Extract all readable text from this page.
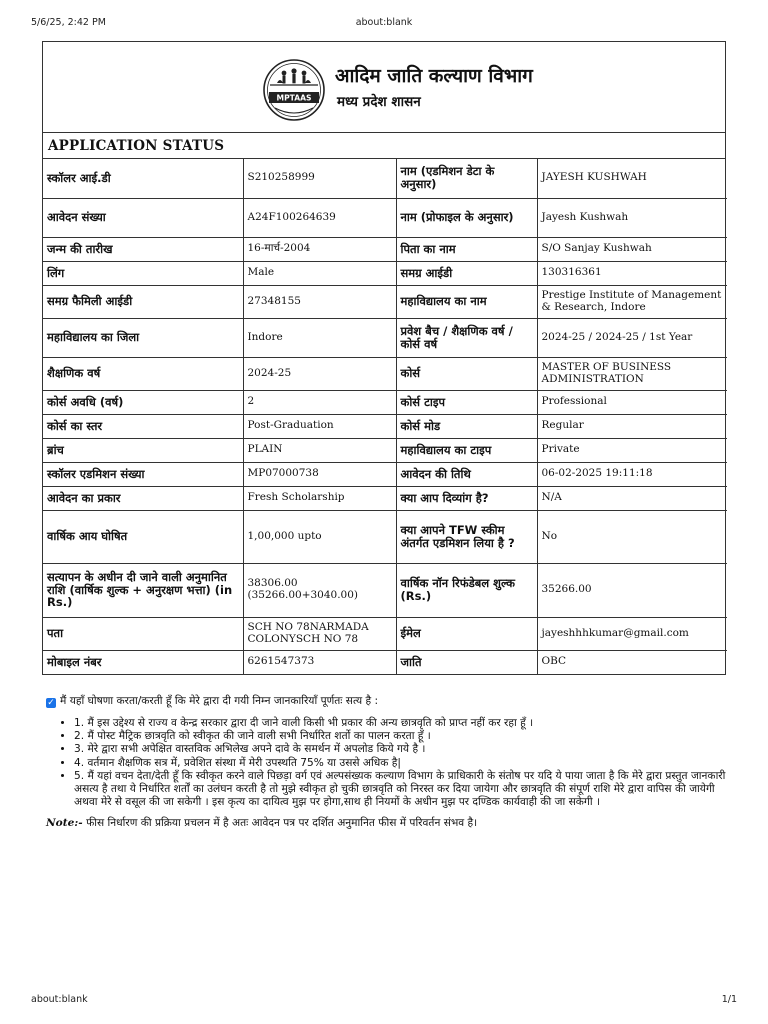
5/6/25, 2:42 PM	about:blank
MPTAAS
आदिम जाति कल्याण विभाग
मध्य प्रदेश शासन
APPLICATION STATUS
स्कॉलर आई.डी	S210258999	नाम (एडमिशन डेटा के अनुसार)	JAYESH KUSHWAH
आवेदन संख्या	A24F100264639	नाम (प्रोफाइल के अनुसार)	Jayesh Kushwah
जन्म की तारीख	16-मार्च-2004	पिता का नाम	S/O Sanjay Kushwah
लिंग	Male	समग्र आईडी	130316361
समग्र फैमिली आईडी	27348155	महाविद्यालय का नाम	Prestige Institute of Management & Research, Indore
महाविद्यालय का जिला	Indore	प्रवेश बैच / शैक्षणिक वर्ष / कोर्स वर्ष	2024-25 / 2024-25 / 1st Year
शैक्षणिक वर्ष	2024-25	कोर्स	MASTER OF BUSINESS ADMINISTRATION
कोर्स अवधि (वर्ष)	2	कोर्स टाइप	Professional
कोर्स का स्तर	Post-Graduation	कोर्स मोड	Regular
ब्रांच	PLAIN	महाविद्यालय का टाइप	Private
स्कॉलर एडमिशन संख्या	MP07000738	आवेदन की तिथि	06-02-2025 19:11:18
आवेदन का प्रकार	Fresh Scholarship	क्या आप दिव्यांग है?	N/A
वार्षिक आय घोषित	1,00,000 upto	क्या आपने TFW स्कीम अंतर्गत एडमिशन लिया है ?	No
सत्यापन के अधीन दी जाने वाली अनुमानित राशि (वार्षिक शुल्क + अनुरक्षण भत्ता) (in Rs.)	38306.00 (35266.00+3040.00)	वार्षिक नॉन रिफंडेबल शुल्क (Rs.)	35266.00
पता	SCH NO 78NARMADA COLONYSCH NO 78	ईमेल	jayeshhhkumar@gmail.com
मोबाइल नंबर	6261547373	जाति	OBC
✓ मैं यहाँ घोषणा करता/करती हूँ कि मेरे द्वारा दी गयी निम्न जानकारियाँ पूर्णतः सत्य है :
• 1. मैं इस उद्देश्य से राज्य व केन्द्र सरकार द्वारा दी जाने वाली किसी भी प्रकार की अन्य छात्रवृति को प्राप्त नहीं कर रहा हूँ ।
• 2. मैं पोस्ट मैट्रिक छात्रवृति को स्वीकृत की जाने वाली सभी निर्धारित शर्तो का पालन करता हूँ ।
• 3. मेरे द्वारा सभी अपेक्षित वास्तविक अभिलेख अपने दावे के समर्थन में अपलोड किये गये है ।
• 4. वर्तमान शैक्षणिक सत्र में, प्रवेशित संस्था में मेरी उपस्थति 75% या उससे अधिक है|
• 5. मैं यहां वचन देता/देती हूँ कि स्वीकृत करने वाले पिछड़ा वर्ग एवं अल्पसंख्यक कल्याण विभाग के प्राधिकारी के संतोष पर यदि ये पाया जाता है कि मेरे द्वारा प्रस्तुत जानकारी असत्य है तथा ये निर्धारित शर्तों का उलंघन करती है तो मुझे स्वीकृत हो चुकी छात्रवृति को निरस्त कर दिया जायेगा और छात्रवृति की संपूर्ण राशि मेरे द्वारा वापिस की जायेगी अथवा मेरे से वसूल की जा सकेगी । इस कृत्य का दायित्व मुझ पर होगा,साथ ही नियमों के अधीन मुझ पर दण्डिक कार्यवाही की जा सकेगी ।
Note:- फीस निर्धारण की प्रक्रिया प्रचलन में है अतः आवेदन पत्र पर दर्शित अनुमानित फीस में परिवर्तन संभव है।
about:blank	1/1
